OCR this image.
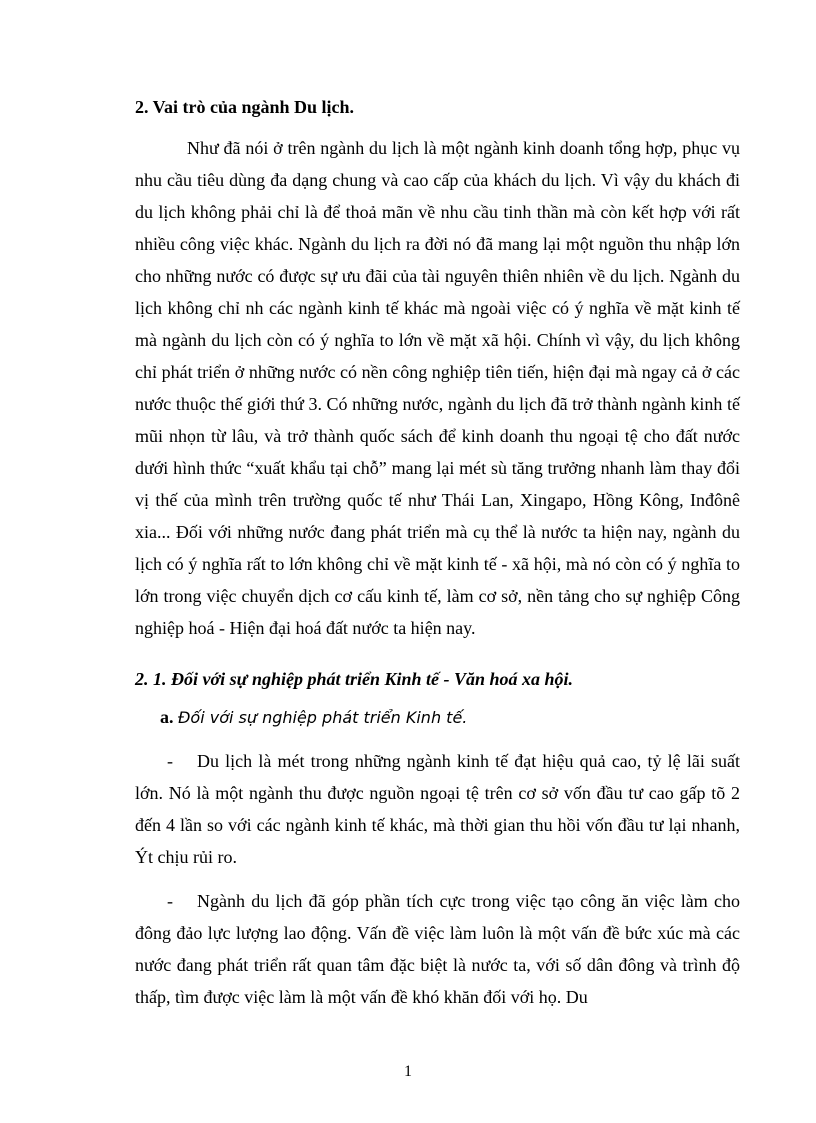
2. Vai trò của ngành Du lịch.

Như đã nói ở trên ngành du lịch là một ngành kinh doanh tổng hợp, phục vụ nhu cầu tiêu dùng đa dạng chung và cao cấp của khách du lịch. Vì vậy du khách đi du lịch không phải chỉ là để thoả mãn về nhu cầu tinh thần mà còn kết hợp với rất nhiều công việc khác. Ngành du lịch ra đời nó đã mang lại một nguồn thu nhập lớn cho những nước có được sự ưu đãi của tài nguyên thiên nhiên về du lịch. Ngành du lịch không chỉ nh các ngành kinh tế khác mà ngoài việc có ý nghĩa về mặt kinh tế mà ngành du lịch còn có ý nghĩa to lớn về mặt xã hội. Chính vì vậy, du lịch không chỉ phát triển ở những nước có nền công nghiệp tiên tiến, hiện đại mà ngay cả ở các nước thuộc thế giới thứ 3. Có những nước, ngành du lịch đã trở thành ngành kinh tế mũi nhọn từ lâu, và trở thành quốc sách để kinh doanh thu ngoại tệ cho đất nước dưới hình thức “xuất khẩu tại chỗ” mang lại mét sù tăng trưởng nhanh làm thay đổi vị thế của mình trên trường quốc tế như Thái Lan, Xingapo, Hồng Kông, Inđônê xia... Đối với những nước đang phát triển mà cụ thể là nước ta hiện nay, ngành du lịch có ý nghĩa rất to lớn không chỉ về mặt kinh tế - xã hội, mà nó còn có ý nghĩa to lớn trong việc chuyển dịch cơ cấu kinh tế, làm cơ sở, nền tảng cho sự nghiệp Công nghiệp hoá - Hiện đại hoá đất nước ta hiện nay.

2. 1. Đối với sự nghiệp phát triển Kinh tế - Văn hoá xa hội.

a. Đối với sự nghiệp phát triển Kinh tế.

- Du lịch là mét trong những ngành kinh tế đạt hiệu quả cao, tỷ lệ lãi suất lớn. Nó là một ngành thu được nguồn ngoại tệ trên cơ sở vốn đầu tư cao gấp tõ 2 đến 4 lần so với các ngành kinh tế khác, mà thời gian thu hồi vốn đầu tư lại nhanh, Ýt chịu rủi ro.

- Ngành du lịch đã góp phần tích cực trong việc tạo công ăn việc làm cho đông đảo lực lượng lao động. Vấn đề việc làm luôn là một vấn đề bức xúc mà các nước đang phát triển rất quan tâm đặc biệt là nước ta, với số dân đông và trình độ thấp, tìm được việc làm là một vấn đề khó khăn đối với họ. Du

1
